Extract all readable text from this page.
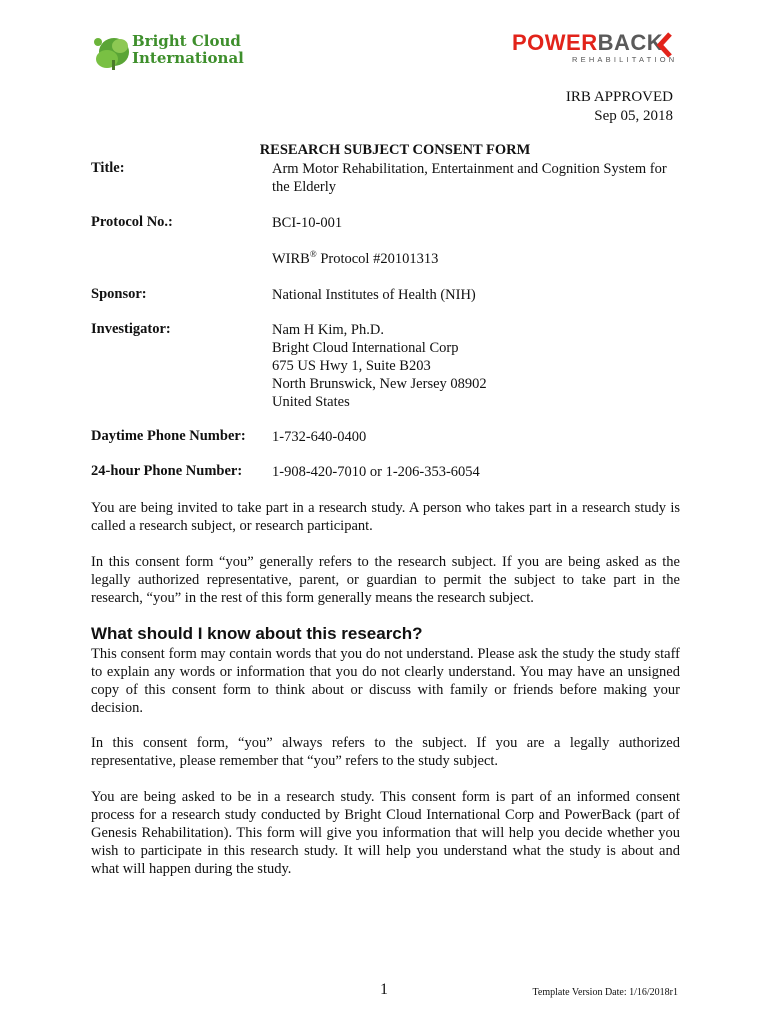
Bright Cloud
International
POWERBACK
REHABILITATION
IRB APPROVED
Sep 05, 2018
RESEARCH SUBJECT CONSENT FORM
Title:	Arm Motor Rehabilitation, Entertainment and Cognition System for
the Elderly
Protocol No.:	BCI-10-001
WIRB® Protocol #20101313
Sponsor:	National Institutes of Health (NIH)
Investigator:	Nam H Kim, Ph.D.
Bright Cloud International Corp
675 US Hwy 1, Suite B203
North Brunswick, New Jersey 08902
United States
Daytime Phone Number: 1-732-640-0400
24-hour Phone Number: 1-908-420-7010 or 1-206-353-6054

You are being invited to take part in a research study. A person who takes part in a research study is called a research subject, or research participant.

In this consent form “you” generally refers to the research subject. If you are being asked as the legally authorized representative, parent, or guardian to permit the subject to take part in the research, “you” in the rest of this form generally means the research subject.

What should I know about this research?

This consent form may contain words that you do not understand. Please ask the study the study staff to explain any words or information that you do not clearly understand. You may have an unsigned copy of this consent form to think about or discuss with family or friends before making your decision.

In this consent form, “you” always refers to the subject. If you are a legally authorized representative, please remember that “you” refers to the study subject.

You are being asked to be in a research study. This consent form is part of an informed consent process for a research study conducted by Bright Cloud International Corp and PowerBack (part of Genesis Rehabilitation). This form will give you information that will help you decide whether you wish to participate in this research study. It will help you understand what the study is about and what will happen during the study.

1	Template Version Date: 1/16/2018r1
